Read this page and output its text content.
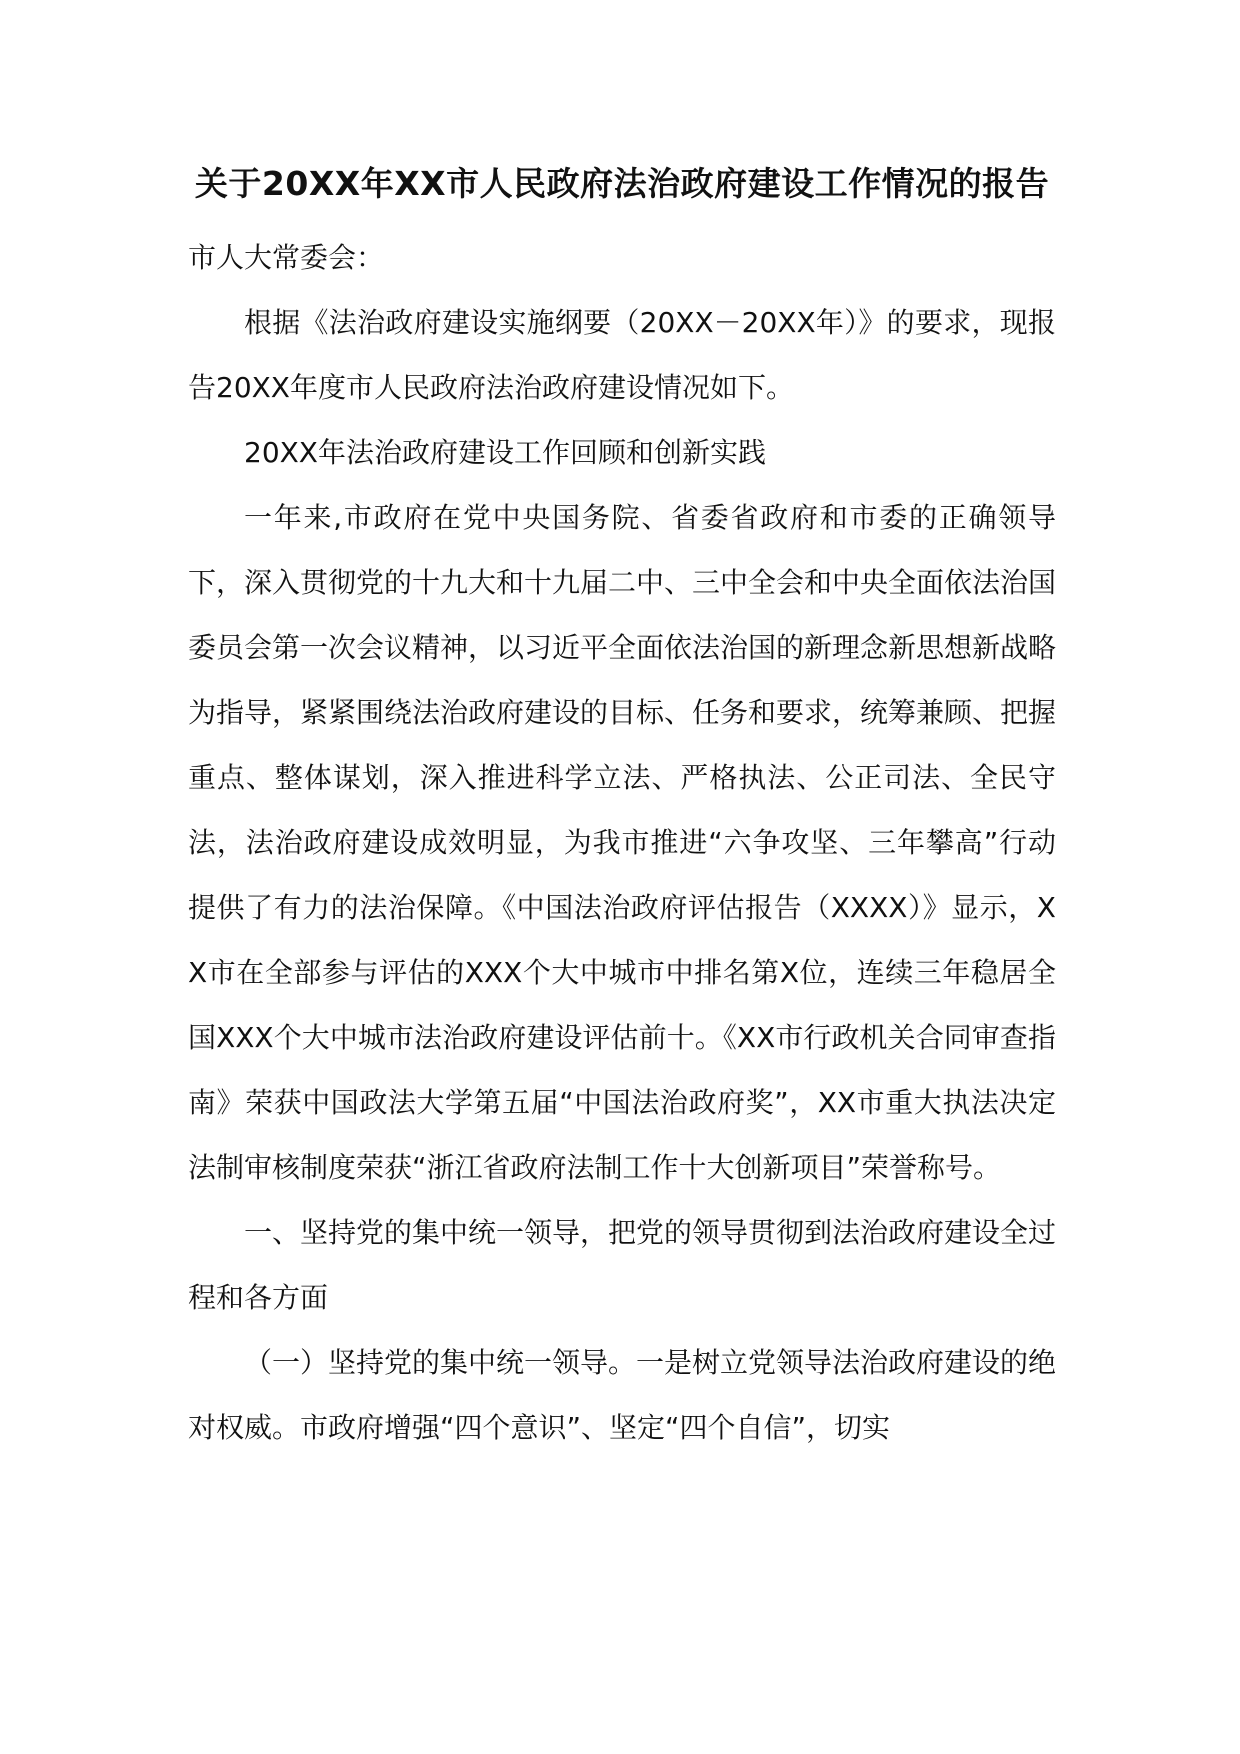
关于20XX年XX市人民政府法治政府建设工作情况的报告

市人大常委会：

根据《法治政府建设实施纲要（20XX－20XX年）》的要求，现报告20XX年度市人民政府法治政府建设情况如下。

20XX年法治政府建设工作回顾和创新实践

一年来,市政府在党中央国务院、省委省政府和市委的正确领导下，深入贯彻党的十九大和十九届二中、三中全会和中央全面依法治国委员会第一次会议精神，以习近平全面依法治国的新理念新思想新战略为指导，紧紧围绕法治政府建设的目标、任务和要求，统筹兼顾、把握重点、整体谋划，深入推进科学立法、严格执法、公正司法、全民守法，法治政府建设成效明显，为我市推进“六争攻坚、三年攀高”行动提供了有力的法治保障。《中国法治政府评估报告（XXXX）》显示，XX市在全部参与评估的XXX个大中城市中排名第X位，连续三年稳居全国XXX个大中城市法治政府建设评估前十。《XX市行政机关合同审查指南》荣获中国政法大学第五届“中国法治政府奖”，XX市重大执法决定法制审核制度荣获“浙江省政府法制工作十大创新项目”荣誉称号。

一、坚持党的集中统一领导，把党的领导贯彻到法治政府建设全过程和各方面

（一）坚持党的集中统一领导。一是树立党领导法治政府建设的绝对权威。市政府增强“四个意识”、坚定“四个自信”，切实
